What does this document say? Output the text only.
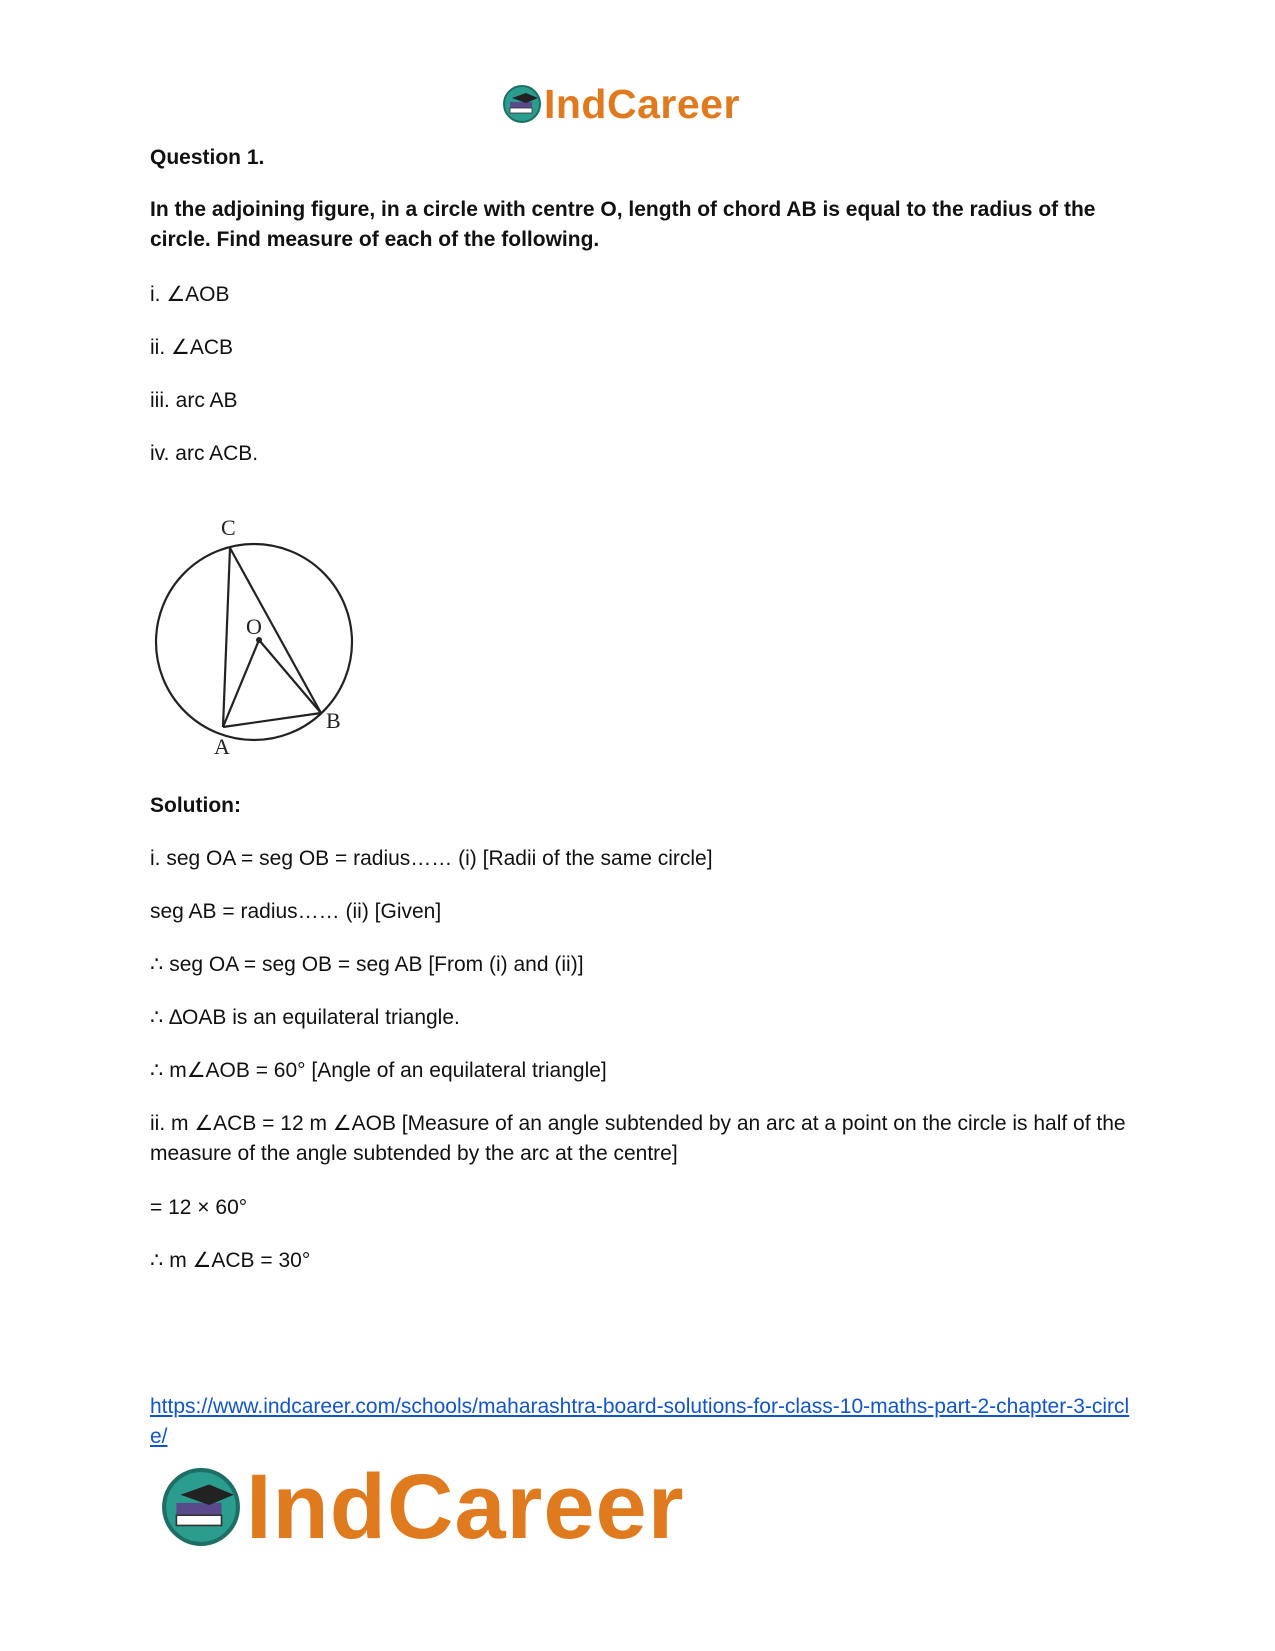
IndCareer

Question 1.

In the adjoining figure, in a circle with centre O, length of chord AB is equal to the radius of the circle. Find measure of each of the following.

i. ∠AOB

ii. ∠ACB

iii. arc AB

iv. arc ACB.

Solution:

i. seg OA = seg OB = radius…… (i) [Radii of the same circle]

seg AB = radius…… (ii) [Given]

∴ seg OA = seg OB = seg AB [From (i) and (ii)]

∴ ∆OAB is an equilateral triangle.

∴ m∠AOB = 60° [Angle of an equilateral triangle]

ii. m ∠ACB = 12 m ∠AOB [Measure of an angle subtended by an arc at a point on the circle is half of the measure of the angle subtended by the arc at the centre]

= 12 × 60°

∴ m ∠ACB = 30°

C
O
A
B
https://www.indcareer.com/schools/maharashtra-board-solutions-for-class-10-maths-part-2-chapter-3-circle/
IndCareer
